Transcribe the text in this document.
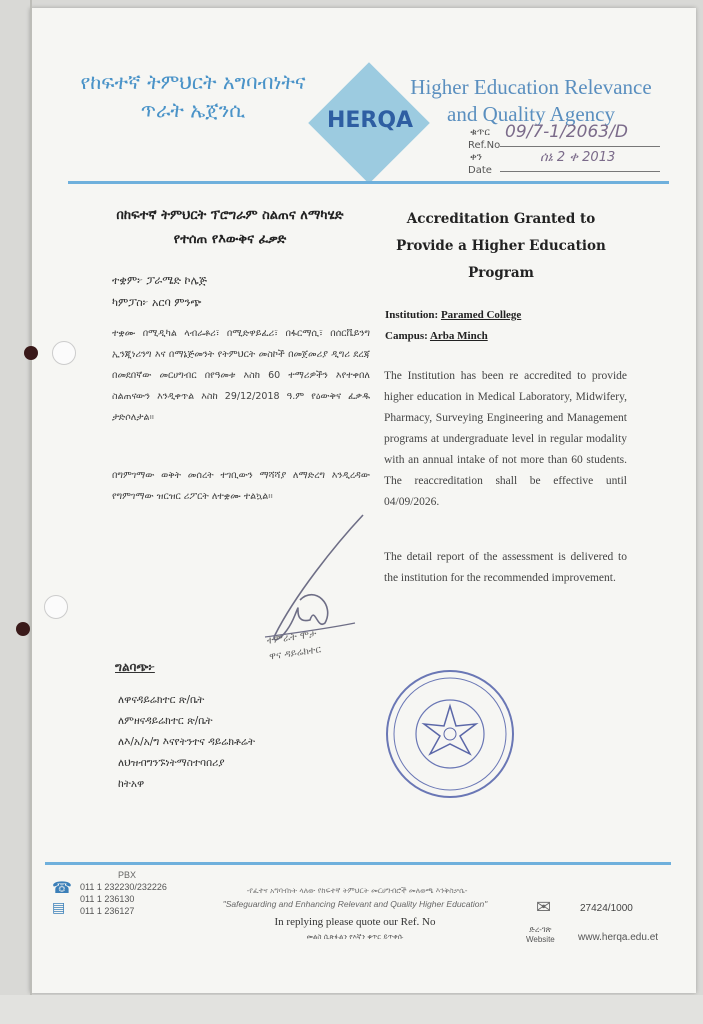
የከፍተኛ ትምህርት አግባብነትና
ጥራት ኤጀንሲ	HERQA
Higher Education Relevance
and Quality Agency
ቁጥር
Ref.No
09/7-1/2063/D
ቀን
Date
ሰኔ 2 ቀ 2013
በከፍተኛ ትምህርት ፕሮግራም ስልጠና ለማካሄድ
የተሰጠ የእውቅና ፈቃድ
Accreditation Granted to
Provide a Higher Education
Program
ተቋም፦ ፓራሜድ ኮሌጅ
ካምፓስ፦ አርባ ምንጭ
Institution: Paramed College
Campus: Arba Minch
ተቋሙ በሚዲካል ላብራቶሪ፣ በሚድዋይፈሪ፣ በፋርማሲ፣ በሰርቬይንግ ኢንጂነሪንግ እና በማኔጅመንት የትምህርት መስኮች በመጀመሪያ ዲግሪ ደረጃ በመደበኛው መርሀግብር በየዓመቱ እስከ 60 ተማሪዎችን እየተቀበለ ስልጠናውን እንዲቀጥል እስከ 29/12/2018 ዓ.ም የዕውቅና ፈቃዱ ታድሶለታል።
በግምገማው ወቅት መሰረት ተገቢውን ማሻሻያ ለማድረግ እንዲረዳው የግምገማው ዝርዝር ሪፖርት ለተቋሙ ተልኳል።
The Institution has been re accredited to provide higher education in Medical Laboratory, Midwifery, Pharmacy, Surveying Engineering and Management programs at undergraduate level in regular modality with an annual intake of not more than 60 students. The reaccreditation shall be effective until 04/09/2026.
The detail report of the assessment is delivered to the institution for the recommended improvement.
ተምራት ሞታ
ዋና ዳይሬክተር
ግልባጭ፦
ለዋናዳይሬክተር ጽ/ቤት
ለምዘናዳይሬክተር ጽ/ቤት
ለእ/አ/አ/ግ እናየትንተና ዳይሬክቶሬት
ለህዝብግንኙነትማስተባበሪያ
ከትአዋ
☎
▤
PBX
011 1 232230/232226
011 1 236130
011 1 236127
-የፈተና አግባብነት ላለው የከፍተኛ ትምህርት መርሀግብሮች መለወጫ እንቅስቃሴ-
"Safeguarding and Enhancing Relevant and Quality Higher Education"
In replying please quote our Ref. No
መልስ ሲጽፉልን የእኛን ቁጥር ይጥቀሱ
✉	27424/1000
ድረ-ገጽ
Website www.herqa.edu.et
